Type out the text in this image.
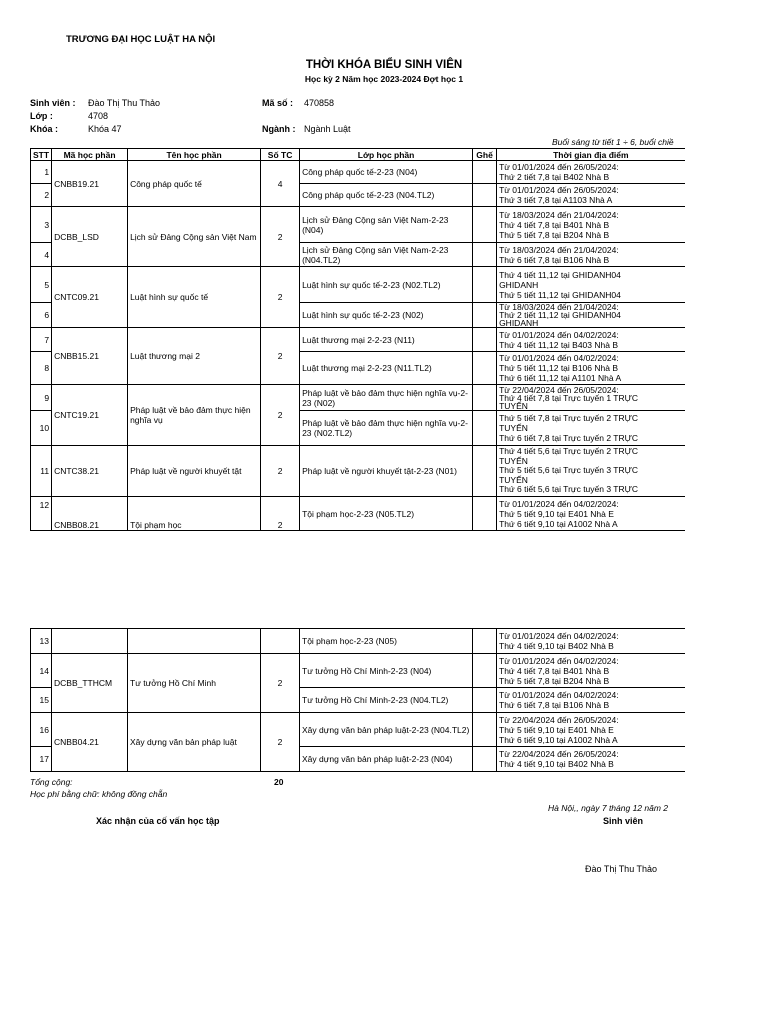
TRƯƠNG ĐẠI HỌC LUẬT HA NỘI
THỜI KHÓA BIỂU SINH VIÊN
Học kỳ 2 Năm học 2023-2024 Đợt học 1
Sinh viên : Đào Thị Thu Thảo	Mã số : 470858
Lớp :	4708
Khóa :	Khóa 47	Ngành : Ngành Luật
Buổi sáng từ tiết 1 ÷ 6, buổi chiề
STT	Mã học phần	Tên học phần	Số TC	Lớp học phần	Ghế	Thời gian địa điểm
1	CNBB19.21	Công pháp quốc tế	4	Công pháp quốc tế-2-23 (N04)		Từ 01/01/2024 đến 26/05/2024:
Thứ 2 tiết 7,8 tại B402 Nhà B

2				Công pháp quốc tế-2-23 (N04.TL2)		Từ 01/01/2024 đến 26/05/2024:
Thứ 3 tiết 7,8 tại A1103 Nhà A

3	DCBB_LSD	Lịch sử Đảng Cộng sản Việt Nam	2	Lịch sử Đảng Cộng sản Việt Nam-2-23 (N04)		Từ 18/03/2024 đến 21/04/2024:
Thứ 4 tiết 7,8 tại B401 Nhà B
Thứ 5 tiết 7,8 tại B204 Nhà B

4				Lịch sử Đảng Cộng sản Việt Nam-2-23 (N04.TL2)		Từ 18/03/2024 đến 21/04/2024:
Thứ 6 tiết 7,8 tại B106 Nhà B

5	CNTC09.21	Luật hình sự quốc tế	2	Luật hình sự quốc tế-2-23 (N02.TL2)		Thứ 4 tiết 11,12 tại GHIDANH04
GHIDANH
Thứ 5 tiết 11,12 tại GHIDANH04

6				Luật hình sự quốc tế-2-23 (N02)		Từ 18/03/2024 đến 21/04/2024:
Thứ 2 tiết 11,12 tại GHIDANH04
GHIDANH

7	CNBB15.21	Luật thương mại 2	2	Luật thương mại 2-2-23 (N11)		Từ 01/01/2024 đến 04/02/2024:
Thứ 4 tiết 11,12 tại B403 Nhà B

8				Luật thương mại 2-2-23 (N11.TL2)		Từ 01/01/2024 đến 04/02/2024:
Thứ 5 tiết 11,12 tại B106 Nhà B
Thứ 6 tiết 11,12 tại A1101 Nhà A

9	CNTC19.21	Pháp luật về bảo đảm thực hiện nghĩa vụ	2	Pháp luật về bảo đảm thực hiện nghĩa vụ-2-23 (N02)		Từ 22/04/2024 đến 26/05/2024:
Thứ 4 tiết 7,8 tại Trực tuyến 1 TRỰC
TUYẾN

10				Pháp luật về bảo đảm thực hiện nghĩa vụ-2-23 (N02.TL2)		Thứ 5 tiết 7,8 tại Trực tuyến 2 TRỰC
TUYẾN
Thứ 6 tiết 7,8 tại Trực tuyến 2 TRỰC

11	CNTC38.21	Pháp luật về người khuyết tật	2	Pháp luật về người khuyết tật-2-23 (N01)		Thứ 4 tiết 5,6 tại Trực tuyến 2 TRỰC
TUYẾN
Thứ 5 tiết 5,6 tại Trực tuyến 3 TRỰC
TUYẾN
Thứ 6 tiết 5,6 tại Trực tuyến 3 TRỰC

12	CNBB08.21	Tội phạm học	2	Tội phạm học-2-23 (N05.TL2)		Từ 01/01/2024 đến 04/02/2024:
Thứ 5 tiết 9,10 tại E401 Nhà E
Thứ 6 tiết 9,10 tại A1002 Nhà A
13				Tội phạm học-2-23 (N05)		Từ 01/01/2024 đến 04/02/2024:
Thứ 4 tiết 9,10 tại B402 Nhà B

14	DCBB_TTHCM	Tư tưởng Hồ Chí Minh	2	Tư tưởng Hồ Chí Minh-2-23 (N04)		Từ 01/01/2024 đến 04/02/2024:
Thứ 4 tiết 7,8 tại B401 Nhà B
Thứ 5 tiết 7,8 tại B204 Nhà B

15				Tư tưởng Hồ Chí Minh-2-23 (N04.TL2)		Từ 01/01/2024 đến 04/02/2024:
Thứ 6 tiết 7,8 tại B106 Nhà B

16	CNBB04.21	Xây dựng văn bản pháp luật	2	Xây dựng văn bản pháp luật-2-23 (N04.TL2)		Từ 22/04/2024 đến 26/05/2024:
Thứ 5 tiết 9,10 tại E401 Nhà E
Thứ 6 tiết 9,10 tại A1002 Nhà A

17				Xây dựng văn bản pháp luật-2-23 (N04)		Từ 22/04/2024 đến 26/05/2024:
Thứ 4 tiết 9,10 tại B402 Nhà B
Tổng cộng:	20
Học phí bằng chữ: không đồng chẵn
Hà Nội,, ngày 7 tháng 12 năm 2
Xác nhận của cố vấn học tập	Sinh viên
Đào Thị Thu Thảo
